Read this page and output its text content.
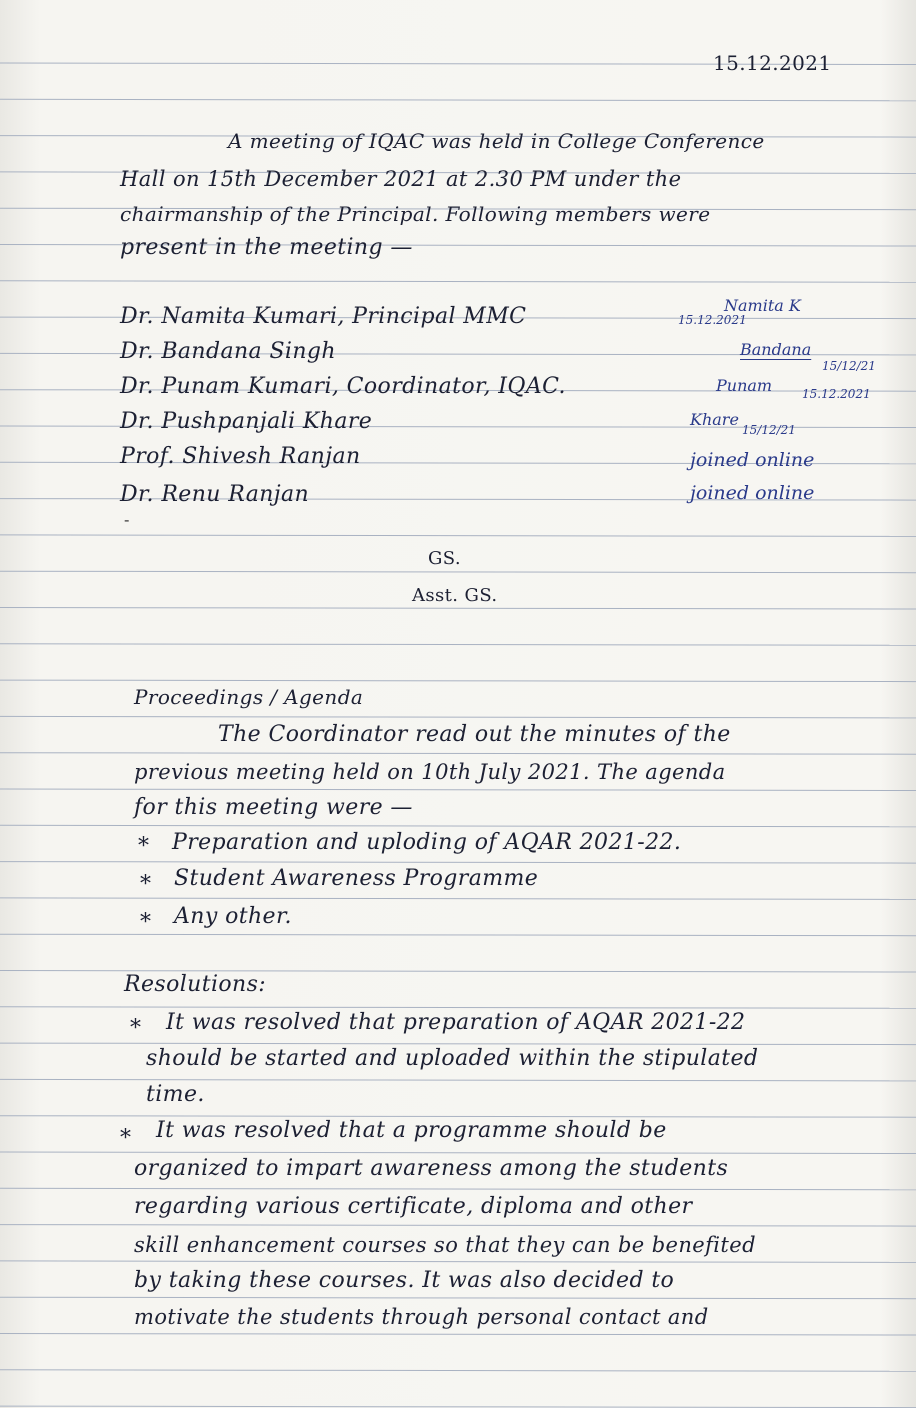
15.12.2021
A meeting of IQAC was held in College Conference
Hall on 15th December 2021 at 2.30 PM under the
chairmanship of the Principal. Following members were
present in the meeting —
Dr. Namita Kumari, Principal MMC
Dr. Bandana Singh
Dr. Punam Kumari, Coordinator, IQAC.
Dr. Pushpanjali Khare
Prof. Shivesh Ranjan
Dr. Renu Ranjan
-
15.12.2021
Namita K
Bandana
15/12/21
Punam 15.12.2021
Khare
15/12/21
joined online
joined online
GS.
Asst. GS.
Proceedings / Agenda
The Coordinator read out the minutes of the
previous meeting held on 10th July 2021. The agenda
for this meeting were —
* Preparation and uploding of AQAR 2021-22.
* Student Awareness Programme
* Any other.
Resolutions:
* It was resolved that preparation of AQAR 2021-22
should be started and uploaded within the stipulated
time.
* It was resolved that a programme should be
organized to impart awareness among the students
regarding various certificate, diploma and other
skill enhancement courses so that they can be benefited
by taking these courses. It was also decided to
motivate the students through personal contact and
